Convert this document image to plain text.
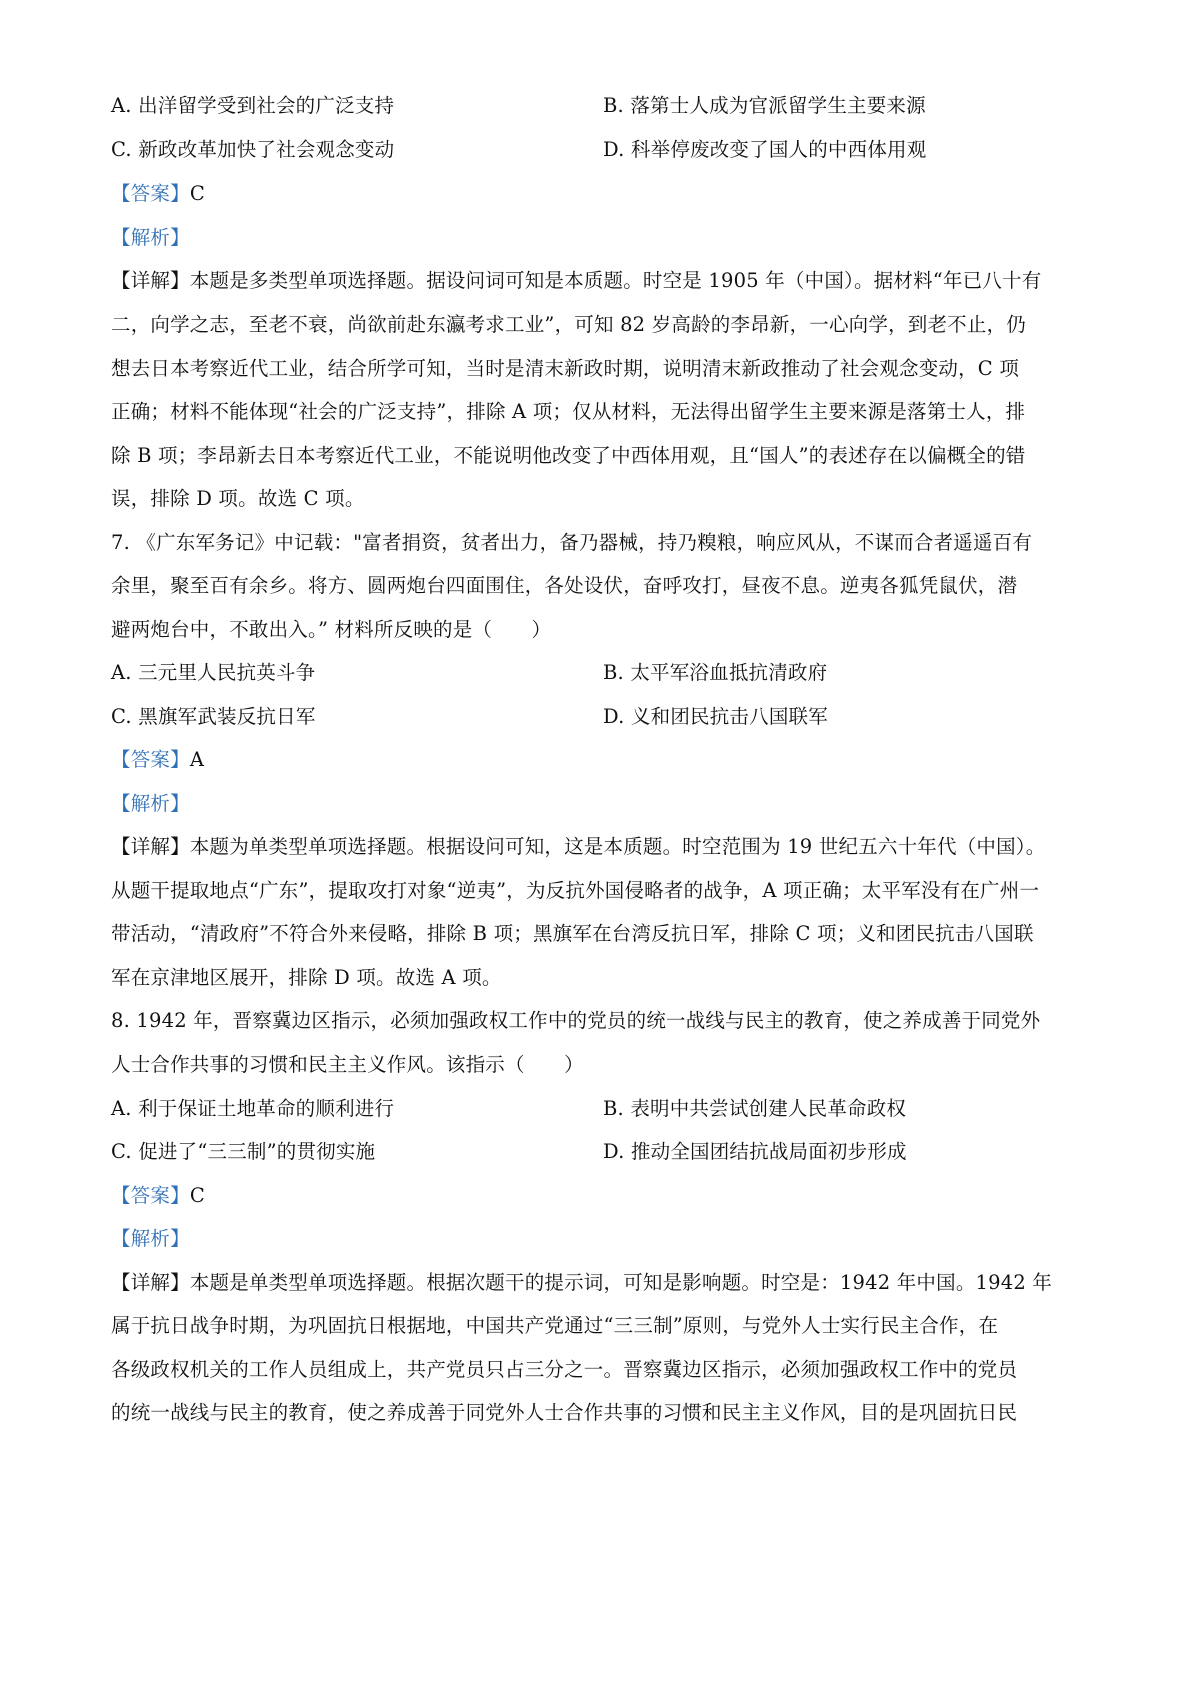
A. 出洋留学受到社会的广泛支持	B. 落第士人成为官派留学生主要来源
C. 新政改革加快了社会观念变动	D. 科举停废改变了国人的中西体用观
【答案】C
【解析】
【详解】本题是多类型单项选择题。据设问词可知是本质题。时空是 1905 年（中国）。据材料“年已八十有
二，向学之志，至老不衰，尚欲前赴东瀛考求工业”，可知 82 岁高龄的李昂新，一心向学，到老不止，仍
想去日本考察近代工业，结合所学可知，当时是清末新政时期，说明清末新政推动了社会观念变动，C 项
正确；材料不能体现“社会的广泛支持”，排除 A 项；仅从材料，无法得出留学生主要来源是落第士人，排
除 B 项；李昂新去日本考察近代工业，不能说明他改变了中西体用观，且“国人”的表述存在以偏概全的错
误，排除 D 项。故选 C 项。
7. 《广东军务记》中记载："富者捐资，贫者出力，备乃器械，持乃糗粮，响应风从，不谋而合者遥遥百有
余里，聚至百有余乡。将方、圆两炮台四面围住，各处设伏，奋呼攻打，昼夜不息。逆夷各狐凭鼠伏，潜
避两炮台中，不敢出入。” 材料所反映的是（　　）
A. 三元里人民抗英斗争	B. 太平军浴血抵抗清政府
C. 黑旗军武装反抗日军	D. 义和团民抗击八国联军
【答案】A
【解析】
【详解】本题为单类型单项选择题。根据设问可知，这是本质题。时空范围为 19 世纪五六十年代（中国）。
从题干提取地点“广东”，提取攻打对象“逆夷”，为反抗外国侵略者的战争，A 项正确；太平军没有在广州一
带活动，“清政府”不符合外来侵略，排除 B 项；黑旗军在台湾反抗日军，排除 C 项；义和团民抗击八国联
军在京津地区展开，排除 D 项。故选 A 项。
8. 1942 年，晋察冀边区指示，必须加强政权工作中的党员的统一战线与民主的教育，使之养成善于同党外
人士合作共事的习惯和民主主义作风。该指示（　　）
A. 利于保证土地革命的顺利进行	B. 表明中共尝试创建人民革命政权
C. 促进了“三三制”的贯彻实施	D. 推动全国团结抗战局面初步形成
【答案】C
【解析】
【详解】本题是单类型单项选择题。根据次题干的提示词，可知是影响题。时空是：1942 年中国。1942 年
属于抗日战争时期，为巩固抗日根据地，中国共产党通过“三三制”原则，与党外人士实行民主合作，在
各级政权机关的工作人员组成上，共产党员只占三分之一。晋察冀边区指示，必须加强政权工作中的党员
的统一战线与民主的教育，使之养成善于同党外人士合作共事的习惯和民主主义作风，目的是巩固抗日民
